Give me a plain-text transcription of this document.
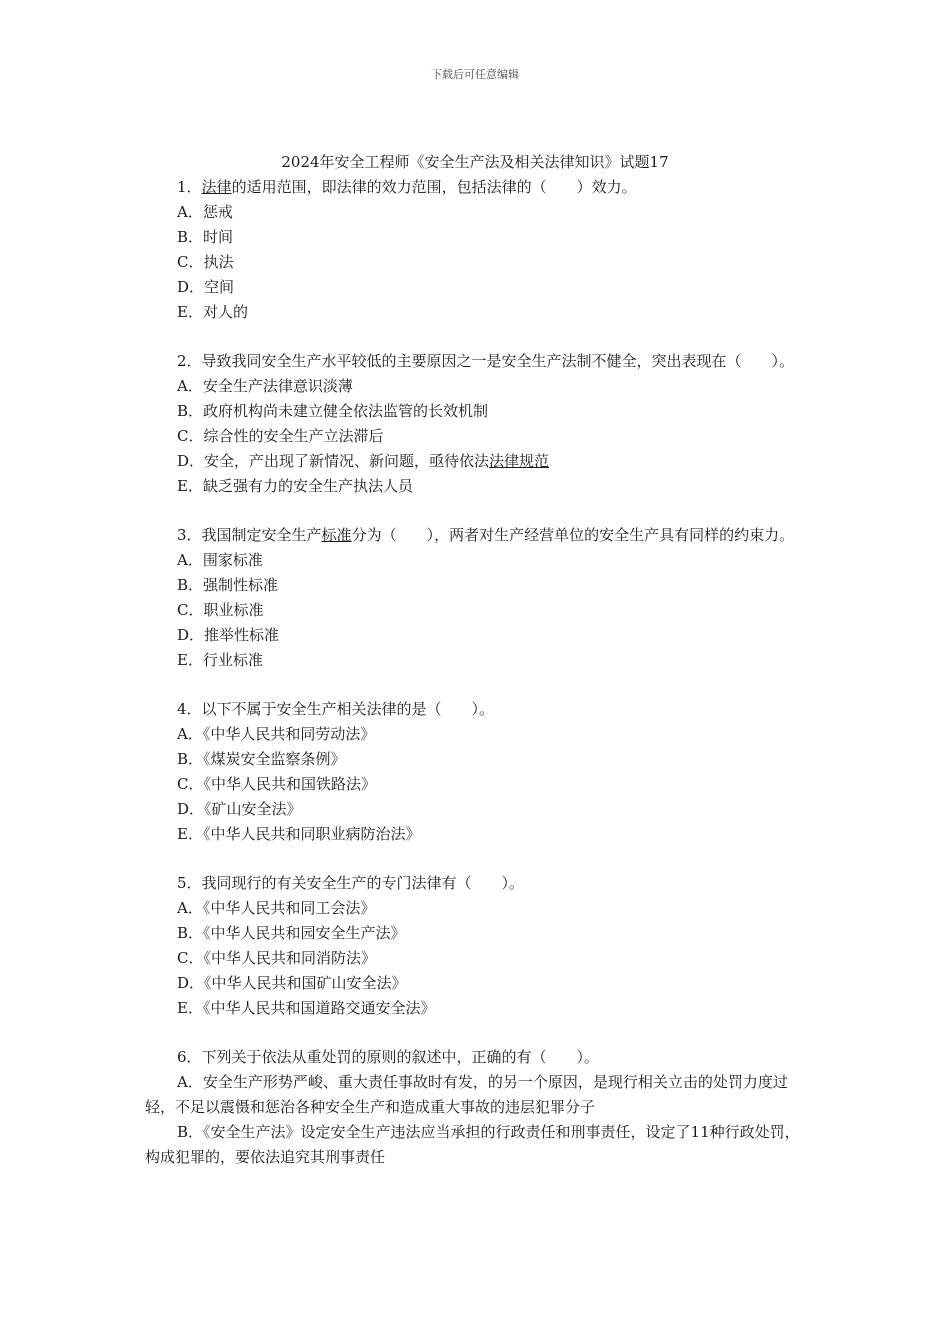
下载后可任意编辑
2024年安全工程师《安全生产法及相关法律知识》试题17

1．法律的适用范围，即法律的效力范围，包括法律的（　　）效力。

A．惩戒

B．时间

C．执法

D．空间

E．对人的

2．导致我同安全生产水平较低的主要原因之一是安全生产法制不健全，突出表现在（　　）。

A．安全生产法律意识淡薄

B．政府机构尚未建立健全依法监管的长效机制

C．综合性的安全生产立法滞后

D．安全，产出现了新情况、新问题，亟待依法法律规范

E．缺乏强有力的安全生产执法人员

3．我国制定安全生产标准分为（　　），两者对生产经营单位的安全生产具有同样的约束力。

A．围家标准

B．强制性标准

C．职业标准

D．推举性标准

E．行业标准

4．以下不属于安全生产相关法律的是（　　）。

A．《中华人民共和同劳动法》

B．《煤炭安全监察条例》

C．《中华人民共和国铁路法》

D．《矿山安全法》

E．《中华人民共和同职业病防治法》

5．我同现行的有关安全生产的专门法律有（　　）。

A．《中华人民共和同工会法》

B．《中华人民共和园安全生产法》

C．《中华人民共和同消防法》

D．《中华人民共和国矿山安全法》

E．《中华人民共和国道路交通安全法》

6．下列关于依法从重处罚的原则的叙述中，正确的有（　　）。

A．安全生产形势严峻、重大责任事故时有发，的另一个原因，是现行相关立击的处罚力度过轻，不足以震慑和惩治各种安全生产和造成重大事故的违层犯罪分子

B．《安全生产法》设定安全生产违法应当承担的行政责任和刑事责任，设定了11种行政处罚，构成犯罪的，要依法追究其刑事责任
